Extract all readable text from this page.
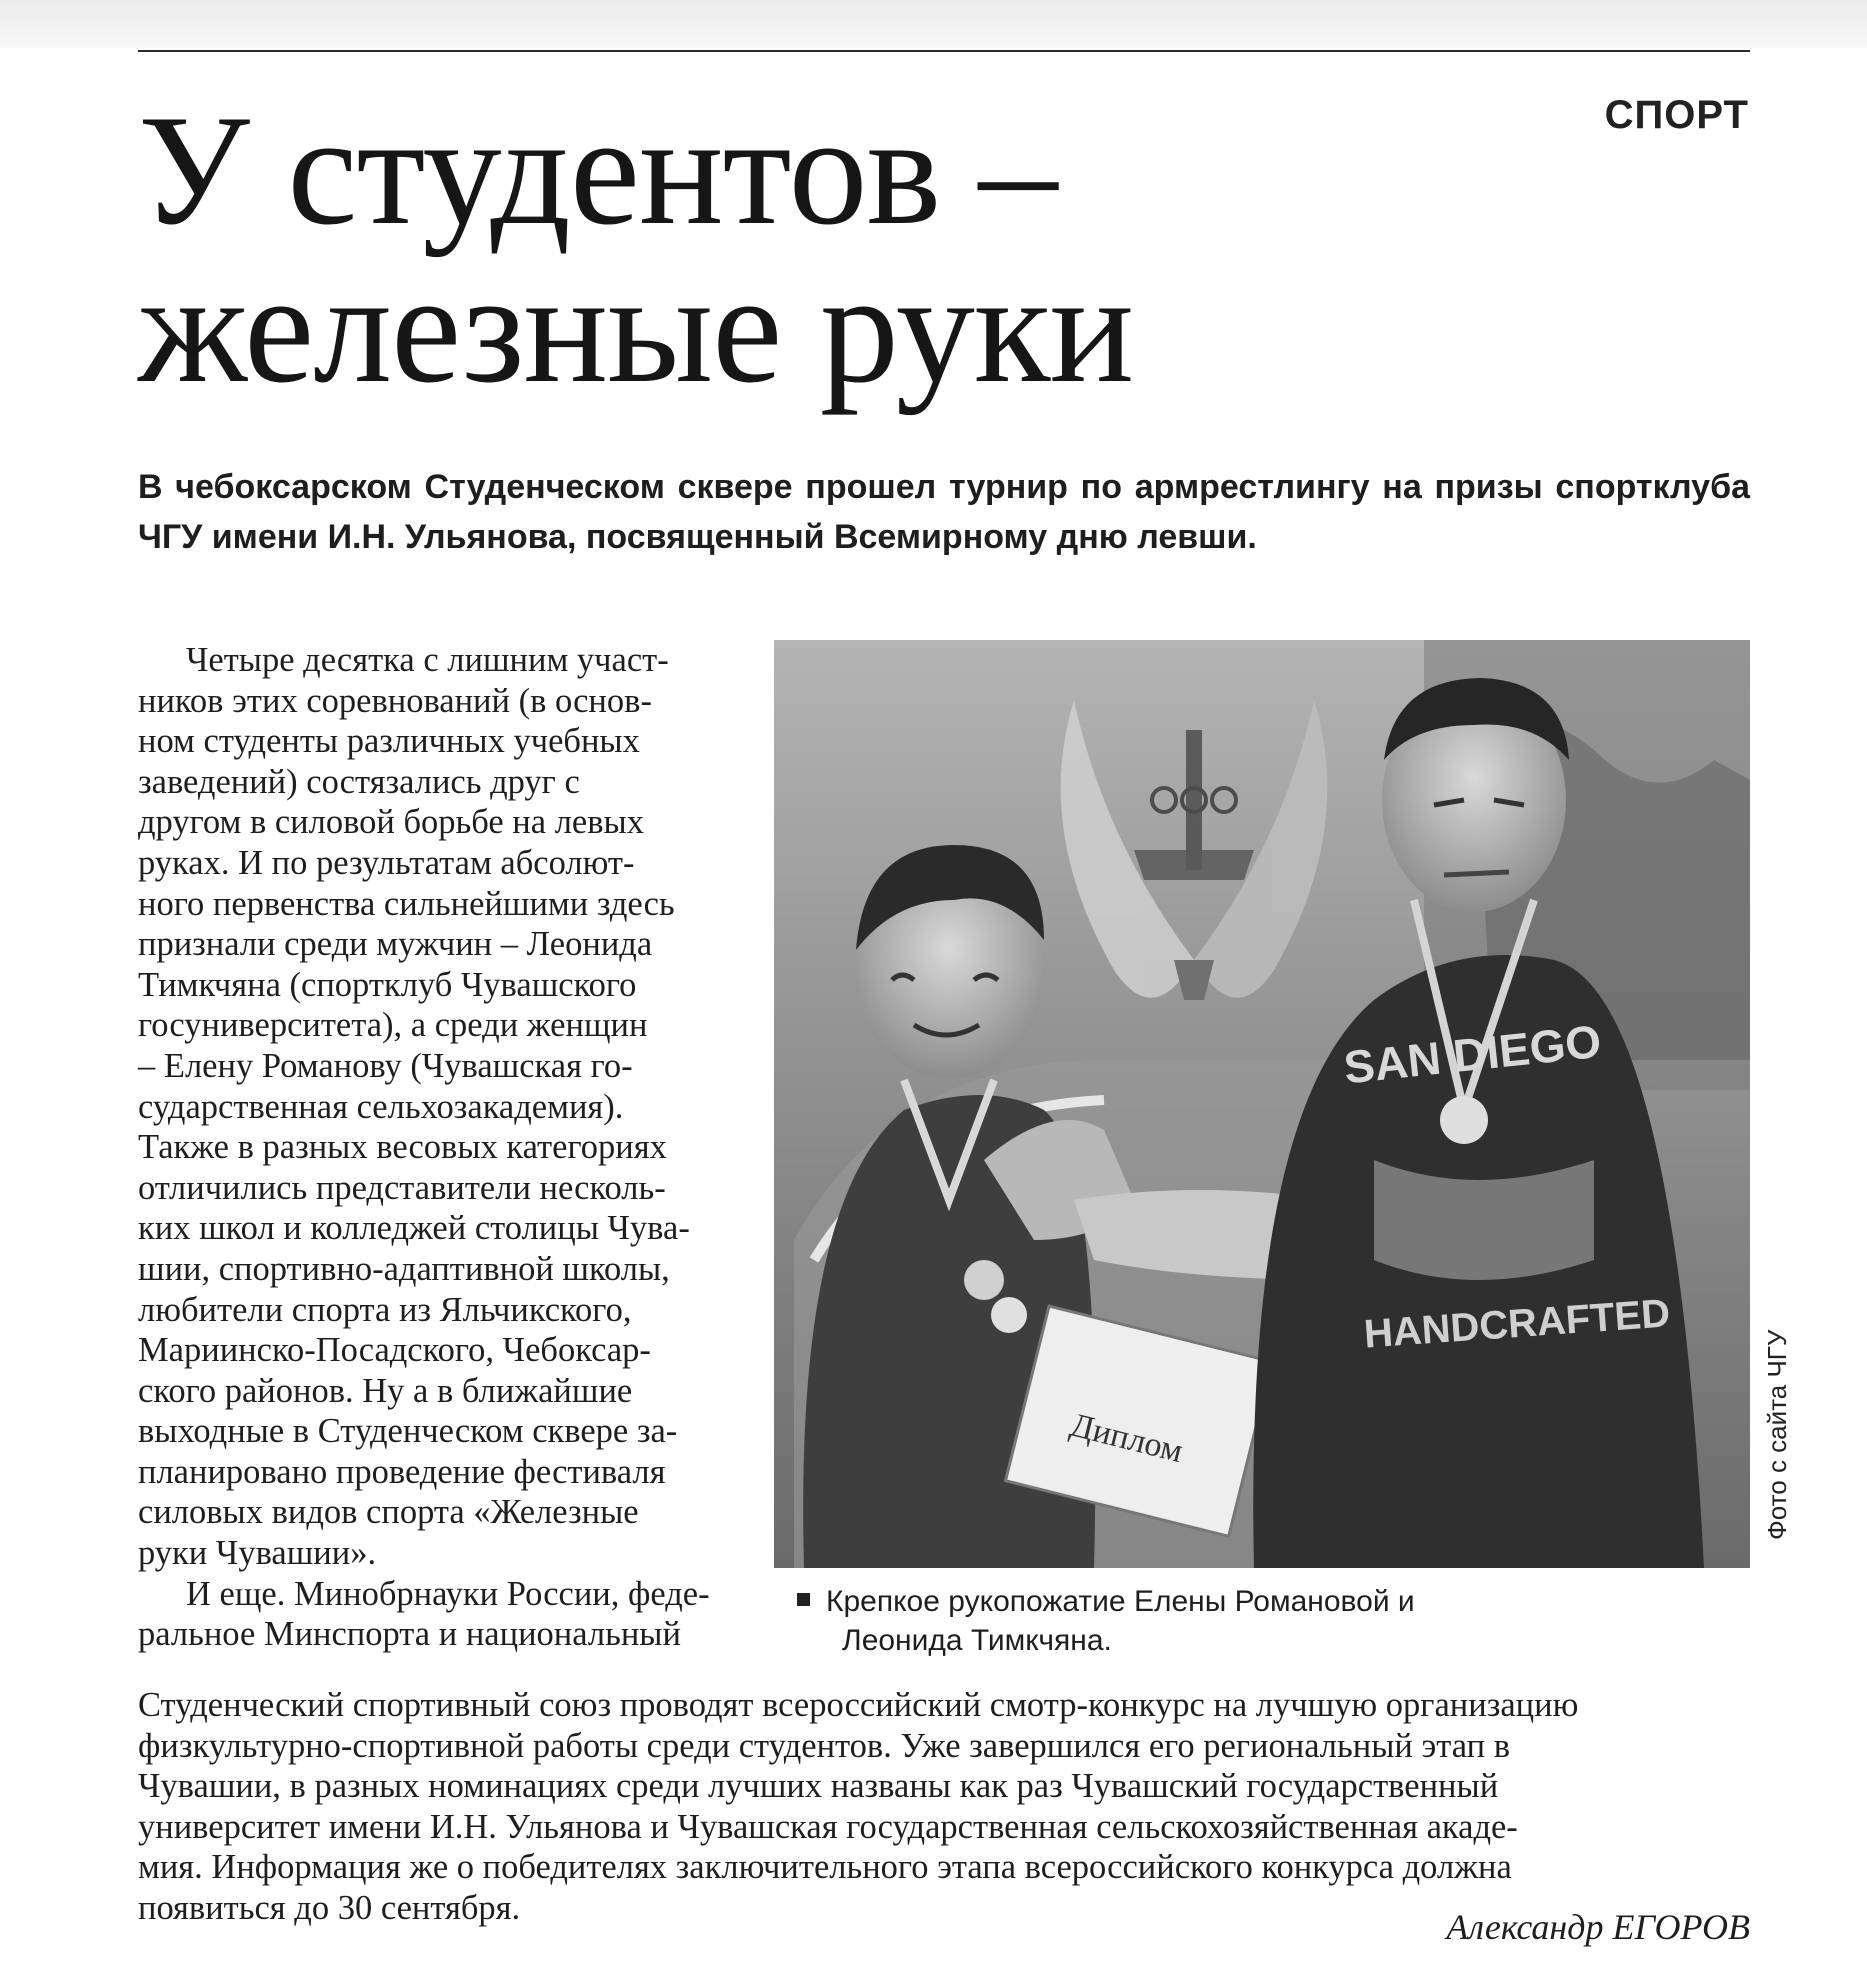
СПОРТ
У студентов –
железные руки

В чебоксарском Студенческом сквере прошел турнир по армрестлингу на призы спортклуба ЧГУ имени И.Н. Ульянова, посвященный Всемирному дню левши.

Четыре десятка с лишним участ-
ников этих соревнований (в основ-
ном студенты различных учебных
заведений) состязались друг с
другом в силовой борьбе на левых
руках. И по результатам абсолют-
ного первенства сильнейшими здесь
признали среди мужчин – Леонида
Тимкчяна (спортклуб Чувашского
госуниверситета), а среди женщин
– Елену Романову (Чувашская го-
сударственная сельхозакадемия).
Также в разных весовых категориях
отличились представители несколь-
ких школ и колледжей столицы Чува-
шии, спортивно-адаптивной школы,
любители спорта из Яльчикского,
Мариинско-Посадского, Чебоксар-
ского районов. Ну а в ближайшие
выходные в Студенческом сквере за-
планировано проведение фестиваля
силовых видов спорта «Железные
руки Чувашии».

И еще. Минобрнауки России, феде-
ральное Минспорта и национальный

Диплом
SAN DIEGO
HANDCRAFTED
Фото с сайта ЧГУ
Крепкое рукопожатие Елены Романовой и
Леонида Тимкчяна.

Студенческий спортивный союз проводят всероссийский смотр-конкурс на лучшую организацию
физкультурно-спортивной работы среди студентов. Уже завершился его региональный этап в
Чувашии, в разных номинациях среди лучших названы как раз Чувашский государственный
университет имени И.Н. Ульянова и Чувашская государственная сельскохозяйственная акаде-
мия. Информация же о победителях заключительного этапа всероссийского конкурса должна
появиться до 30 сентября.	Александр ЕГОРОВ
